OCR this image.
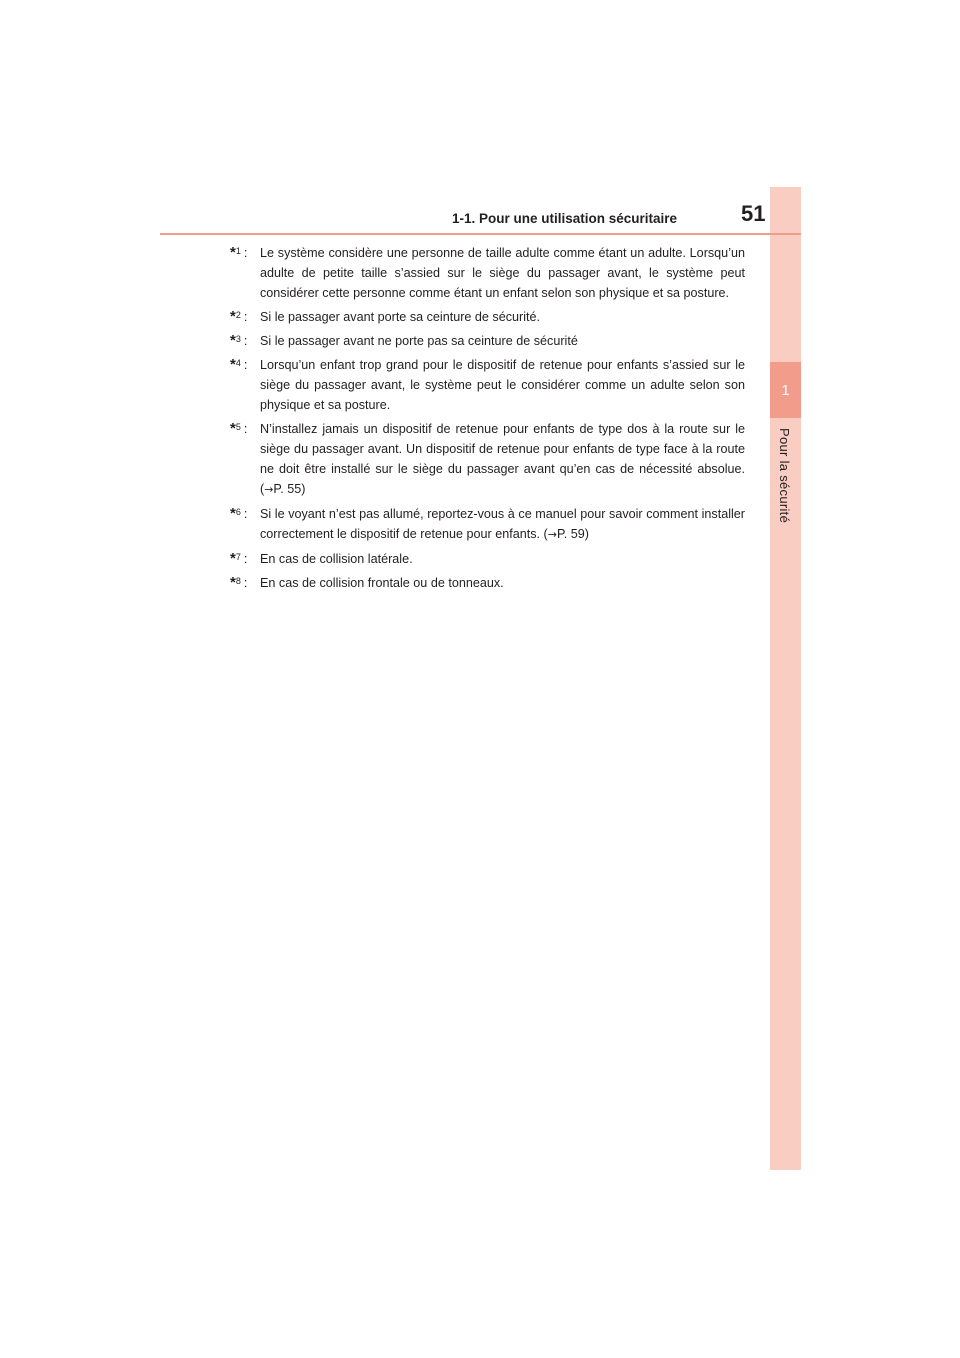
1
Pour la sécurité
1-1. Pour une utilisation sécuritaire	51
*$^1$ :	Le système considère une personne de taille adulte comme étant un adulte. Lorsqu’un adulte de petite taille s’assied sur le siège du passager avant, le système peut considérer cette personne comme étant un enfant selon son physique et sa posture.
*$^2$ :	Si le passager avant porte sa ceinture de sécurité.
*$^3$ :	Si le passager avant ne porte pas sa ceinture de sécurité
*$^4$ :	Lorsqu’un enfant trop grand pour le dispositif de retenue pour enfants s’assied sur le siège du passager avant, le système peut le considérer comme un adulte selon son physique et sa posture.
*$^5$ :	N’installez jamais un dispositif de retenue pour enfants de type dos à la route sur le siège du passager avant. Un dispositif de retenue pour enfants de type face à la route ne doit être installé sur le siège du passager avant qu’en cas de nécessité absolue. (→P. 55)
*$^6$ :	Si le voyant n’est pas allumé, reportez-vous à ce manuel pour savoir comment installer correctement le dispositif de retenue pour enfants. (→P. 59)
*$^7$ :	En cas de collision latérale.
*$^8$ :	En cas de collision frontale ou de tonneaux.
